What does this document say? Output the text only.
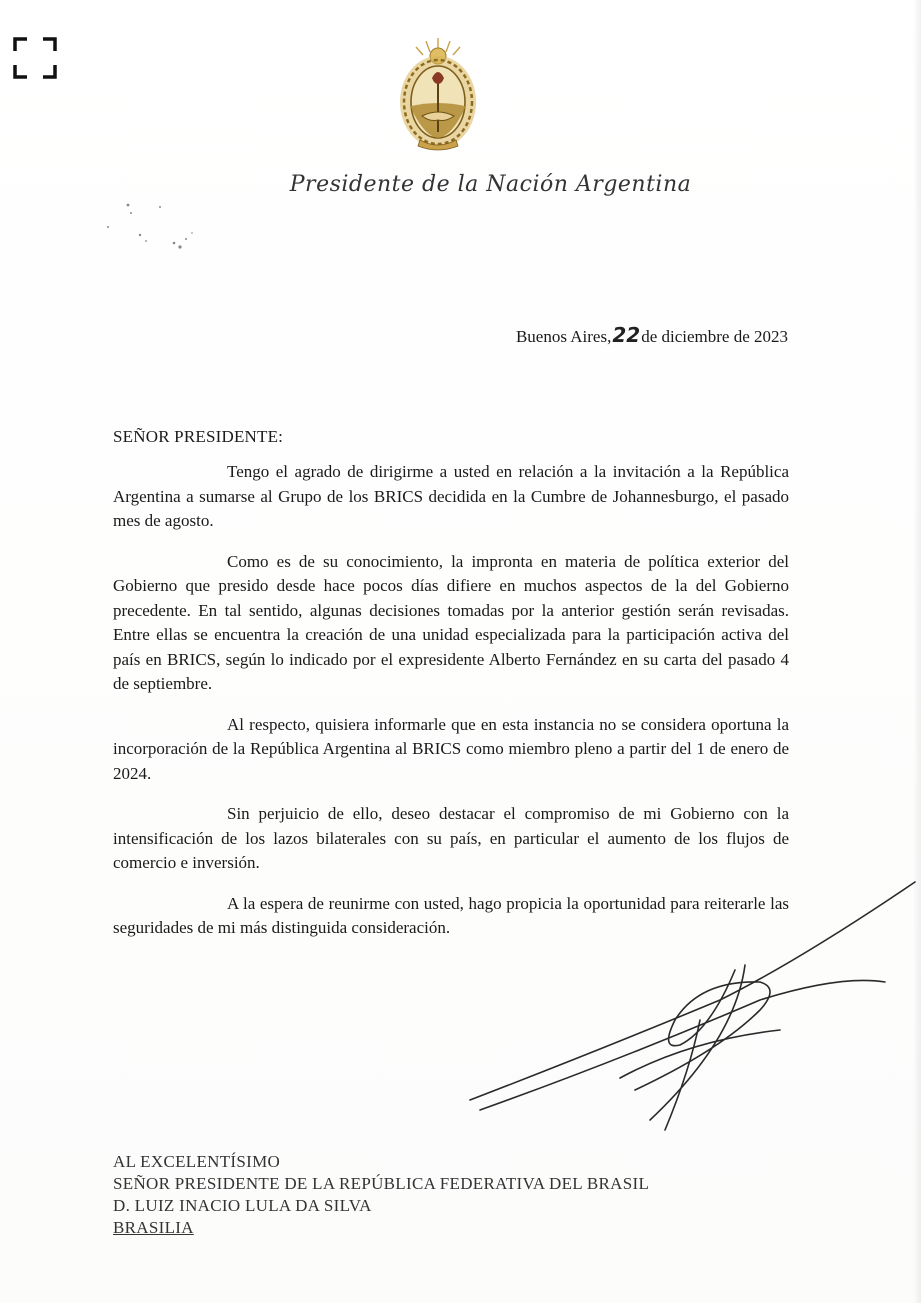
Presidente de la Nación Argentina
Buenos Aires,22de diciembre de 2023
SEÑOR PRESIDENTE:

Tengo el agrado de dirigirme a usted en relación a la invitación a la República Argentina a sumarse al Grupo de los BRICS decidida en la Cumbre de Johannesburgo, el pasado mes de agosto.

Como es de su conocimiento, la impronta en materia de política exterior del Gobierno que presido desde hace pocos días difiere en muchos aspectos de la del Gobierno precedente. En tal sentido, algunas decisiones tomadas por la anterior gestión serán revisadas. Entre ellas se encuentra la creación de una unidad especializada para la participación activa del país en BRICS, según lo indicado por el expresidente Alberto Fernández en su carta del pasado 4 de septiembre.

Al respecto, quisiera informarle que en esta instancia no se considera oportuna la incorporación de la República Argentina al BRICS como miembro pleno a partir del 1 de enero de 2024.

Sin perjuicio de ello, deseo destacar el compromiso de mi Gobierno con la intensificación de los lazos bilaterales con su país, en particular el aumento de los flujos de comercio e inversión.

A la espera de reunirme con usted, hago propicia la oportunidad para reiterarle las seguridades de mi más distinguida consideración.

AL EXCELENTÍSIMO
SEÑOR PRESIDENTE DE LA REPÚBLICA FEDERATIVA DEL BRASIL
D. LUIZ INACIO LULA DA SILVA
BRASILIA
